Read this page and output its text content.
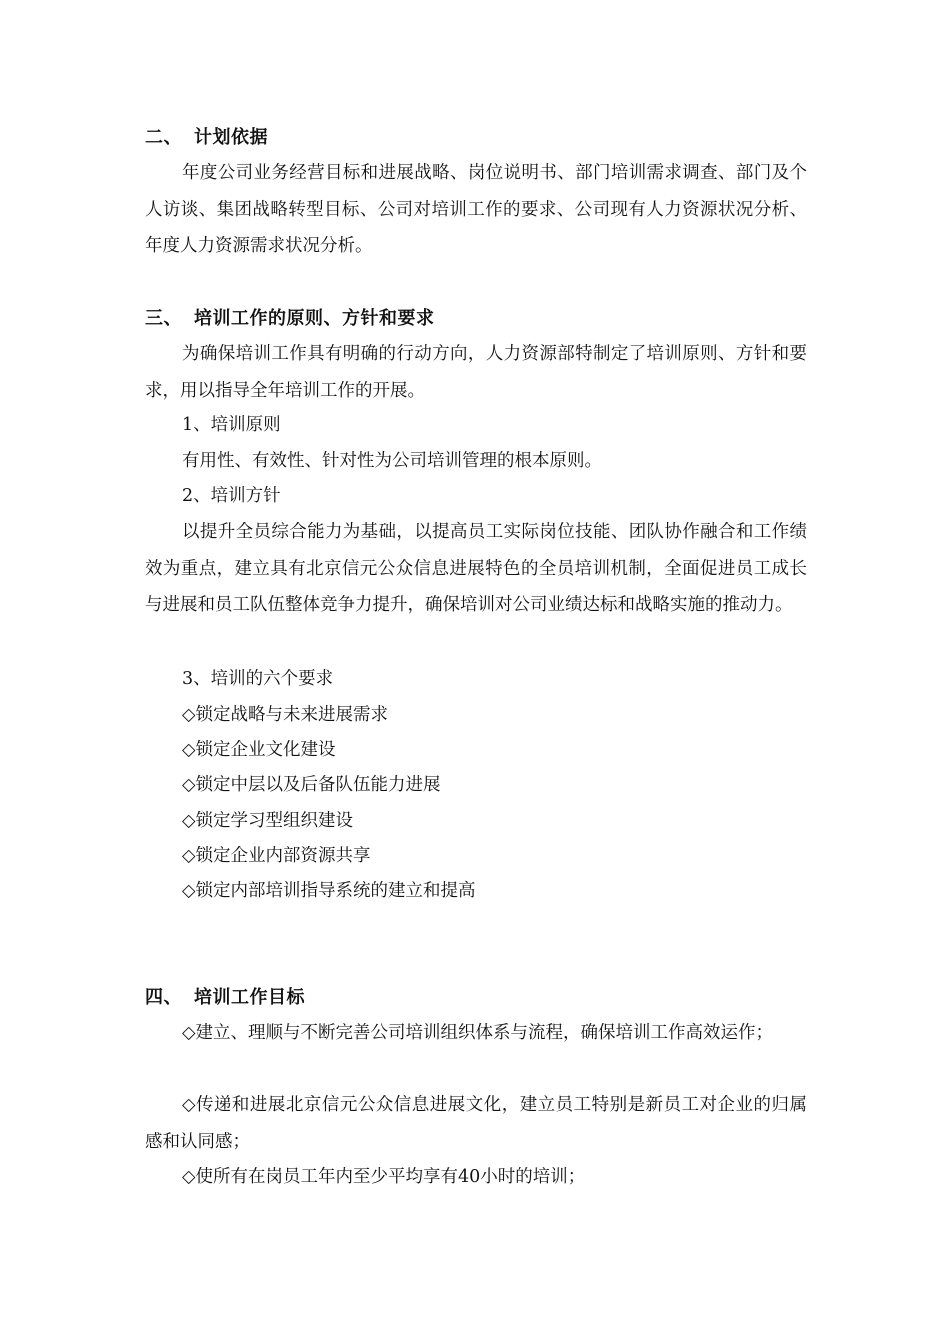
二、 计划依据

年度公司业务经营目标和进展战略、岗位说明书、部门培训需求调查、部门及个人访谈、集团战略转型目标、公司对培训工作的要求、公司现有人力资源状况分析、年度人力资源需求状况分析。

三、 培训工作的原则、方针和要求

为确保培训工作具有明确的行动方向，人力资源部特制定了培训原则、方针和要求，用以指导全年培训工作的开展。

1、培训原则

有用性、有效性、针对性为公司培训管理的根本原则。

2、培训方针

以提升全员综合能力为基础，以提高员工实际岗位技能、团队协作融合和工作绩效为重点，建立具有北京信元公众信息进展特色的全员培训机制，全面促进员工成长与进展和员工队伍整体竞争力提升，确保培训对公司业绩达标和战略实施的推动力。

3、培训的六个要求

◇锁定战略与未来进展需求

◇锁定企业文化建设

◇锁定中层以及后备队伍能力进展

◇锁定学习型组织建设

◇锁定企业内部资源共享

◇锁定内部培训指导系统的建立和提高

四、 培训工作目标

◇建立、理顺与不断完善公司培训组织体系与流程，确保培训工作高效运作；

◇传递和进展北京信元公众信息进展文化，建立员工特别是新员工对企业的归属感和认同感；

◇使所有在岗员工年内至少平均享有40小时的培训；
